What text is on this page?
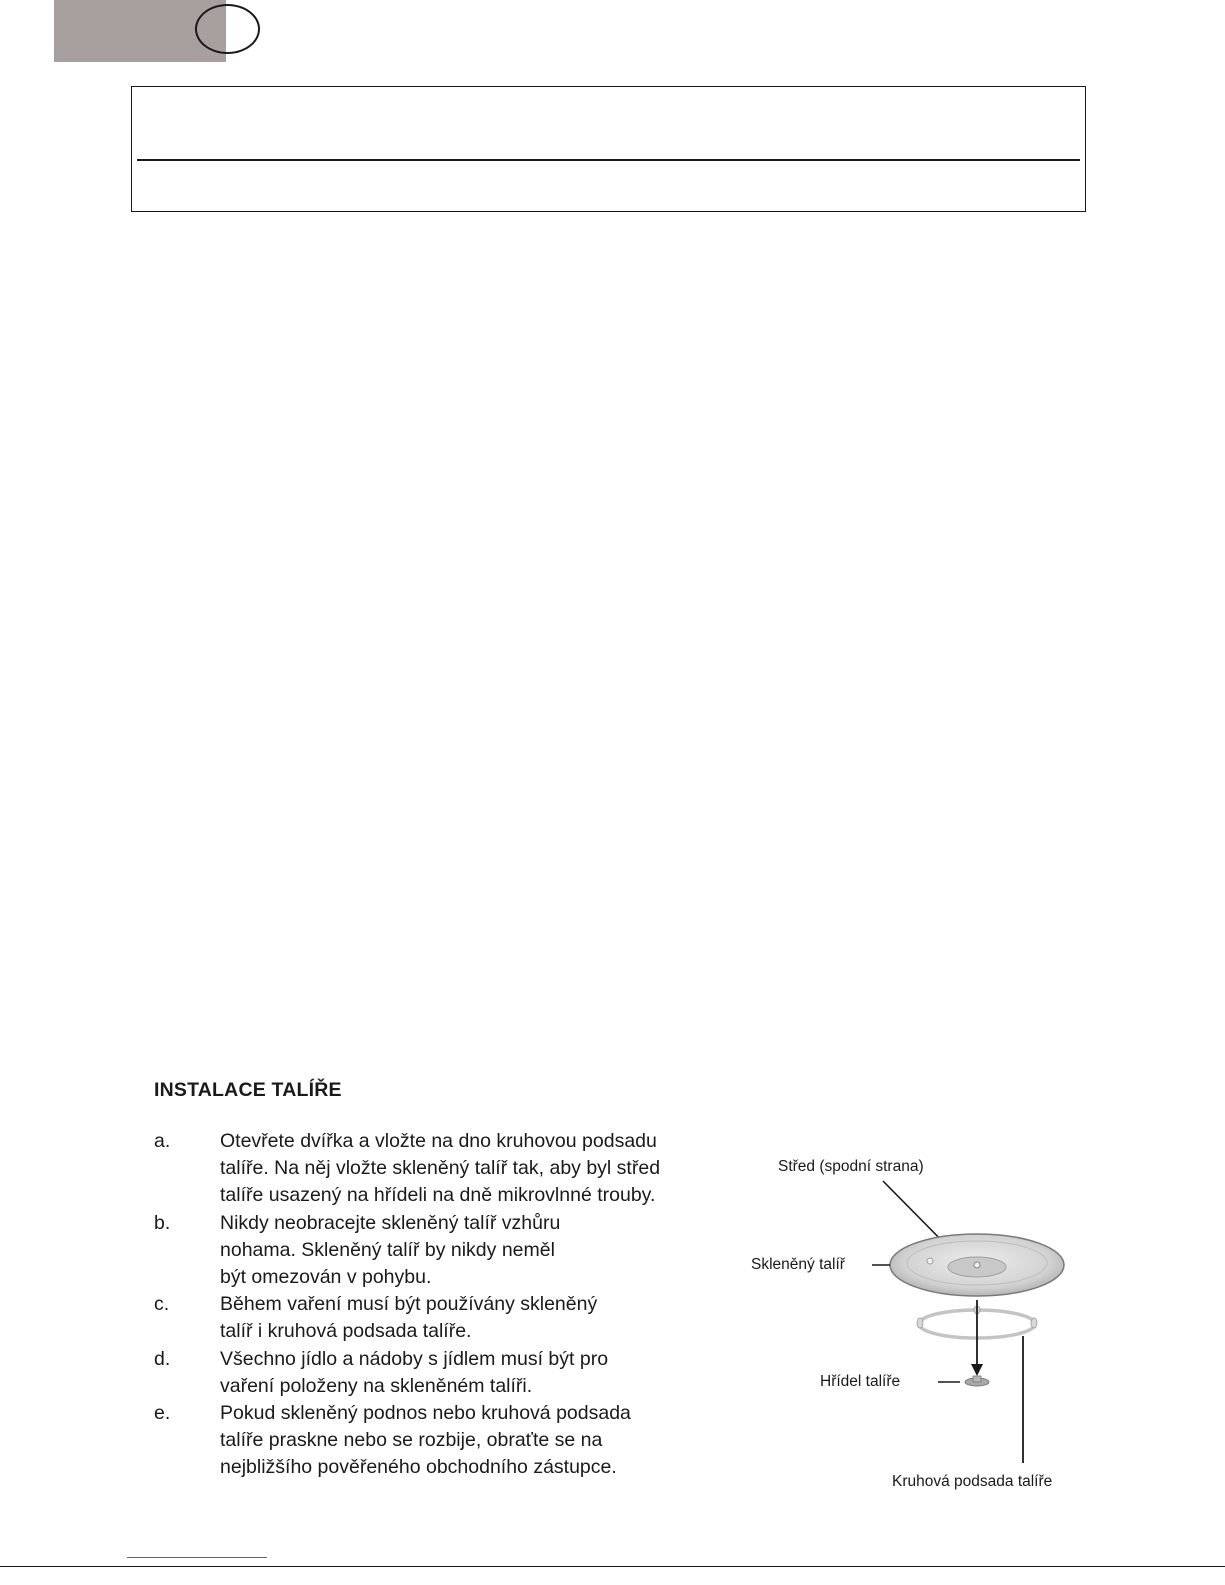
INSTALACE TALÍŘE
a.	Otevřete dvířka a vložte na dno kruhovou podsadu
talíře. Na něj vložte skleněný talíř tak, aby byl střed
talíře usazený na hřídeli na dně mikrovlnné trouby.
b.	Nikdy neobracejte skleněný talíř vzhůru
nohama. Skleněný talíř by nikdy neměl
být omezován v pohybu.
c.	Během vaření musí být používány skleněný
talíř i kruhová podsada talíře.
d.	Všechno jídlo a nádoby s jídlem musí být pro
vaření položeny na skleněném talíři.
e.	Pokud skleněný podnos nebo kruhová podsada
talíře praskne nebo se rozbije, obraťte se na
nejbližšího pověřeného obchodního zástupce.
Střed (spodní strana)
Skleněný talíř
Hřídel talíře
Kruhová podsada talíře
